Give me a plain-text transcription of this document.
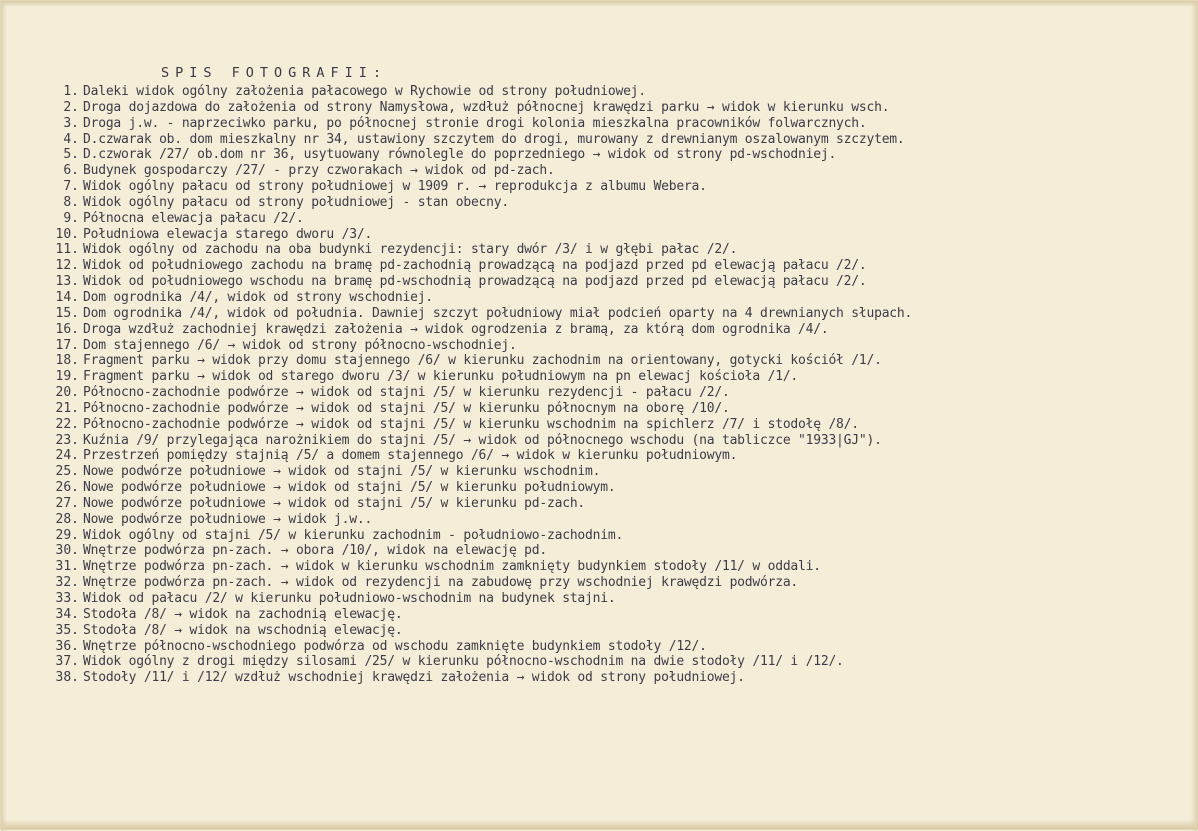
SPIS FOTOGRAFII:
1. Daleki widok ogólny założenia pałacowego w Rychowie od strony południowej.
2. Droga dojazdowa do założenia od strony Namysłowa, wzdłuż północnej krawędzi parku → widok w kierunku wsch.
3. Droga j.w. - naprzeciwko parku, po północnej stronie drogi kolonia mieszkalna pracowników folwarcznych.
4. D.czwarak ob. dom mieszkalny nr 34, ustawiony szczytem do drogi, murowany z drewnianym oszalowanym szczytem.
5. D.czworak /27/ ob.dom nr 36, usytuowany równolegle do poprzedniego → widok od strony pd-wschodniej.
6. Budynek gospodarczy /27/ - przy czworakach → widok od pd-zach.
7. Widok ogólny pałacu od strony południowej w 1909 r. → reprodukcja z albumu Webera.
8. Widok ogólny pałacu od strony południowej - stan obecny.
9. Północna elewacja pałacu /2/.
10. Południowa elewacja starego dworu /3/.
11. Widok ogólny od zachodu na oba budynki rezydencji: stary dwór /3/ i w głębi pałac /2/.
12. Widok od południowego zachodu na bramę pd-zachodnią prowadzącą na podjazd przed pd elewacją pałacu /2/.
13. Widok od południowego wschodu na bramę pd-wschodnią prowadzącą na podjazd przed pd elewacją pałacu /2/.
14. Dom ogrodnika /4/, widok od strony wschodniej.
15. Dom ogrodnika /4/, widok od południa. Dawniej szczyt południowy miał podcień oparty na 4 drewnianych słupach.
16. Droga wzdłuż zachodniej krawędzi założenia → widok ogrodzenia z bramą, za którą dom ogrodnika /4/.
17. Dom stajennego /6/ → widok od strony północno-wschodniej.
18. Fragment parku → widok przy domu stajennego /6/ w kierunku zachodnim na orientowany, gotycki kościół /1/.
19. Fragment parku → widok od starego dworu /3/ w kierunku południowym na pn elewacj kościoła /1/.
20. Północno-zachodnie podwórze → widok od stajni /5/ w kierunku rezydencji - pałacu /2/.
21. Północno-zachodnie podwórze → widok od stajni /5/ w kierunku północnym na oborę /10/.
22. Północno-zachodnie podwórze → widok od stajni /5/ w kierunku wschodnim na spichlerz /7/ i stodołę /8/.
23. Kuźnia /9/ przylegająca narożnikiem do stajni /5/ → widok od północnego wschodu (na tabliczce "1933|GJ").
24. Przestrzeń pomiędzy stajnią /5/ a domem stajennego /6/ → widok w kierunku południowym.
25. Nowe podwórze południowe → widok od stajni /5/ w kierunku wschodnim.
26. Nowe podwórze południowe → widok od stajni /5/ w kierunku południowym.
27. Nowe podwórze południowe → widok od stajni /5/ w kierunku pd-zach.
28. Nowe podwórze południowe → widok j.w..
29. Widok ogólny od stajni /5/ w kierunku zachodnim - południowo-zachodnim.
30. Wnętrze podwórza pn-zach. → obora /10/, widok na elewację pd.
31. Wnętrze podwórza pn-zach. → widok w kierunku wschodnim zamknięty budynkiem stodoły /11/ w oddali.
32. Wnętrze podwórza pn-zach. → widok od rezydencji na zabudowę przy wschodniej krawędzi podwórza.
33. Widok od pałacu /2/ w kierunku południowo-wschodnim na budynek stajni.
34. Stodoła /8/ → widok na zachodnią elewację.
35. Stodoła /8/ → widok na wschodnią elewację.
36. Wnętrze północno-wschodniego podwórza od wschodu zamknięte budynkiem stodoły /12/.
37. Widok ogólny z drogi między silosami /25/ w kierunku północno-wschodnim na dwie stodoły /11/ i /12/.
38. Stodoły /11/ i /12/ wzdłuż wschodniej krawędzi założenia → widok od strony południowej.
